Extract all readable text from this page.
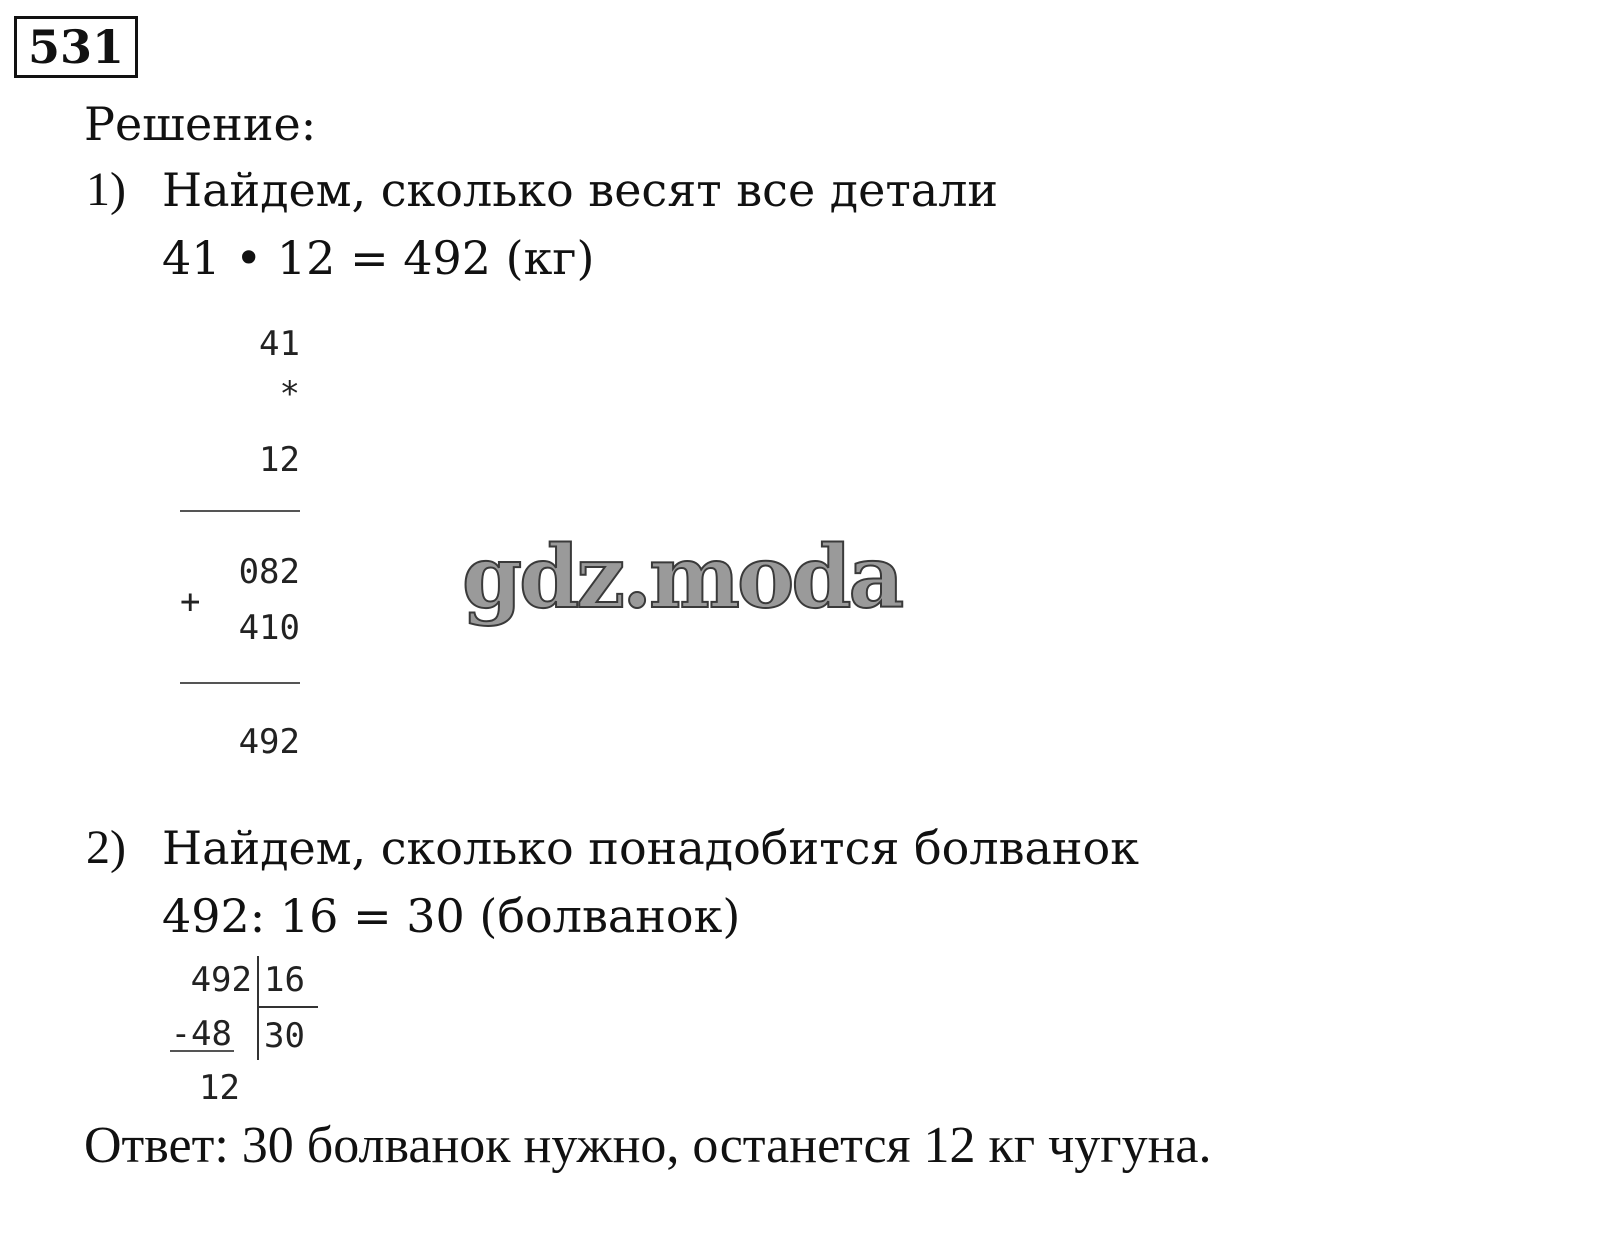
531
Решение:
1) Найдем, сколько весят все детали
41 • 12 = 492 (кг)
41
*
12
082
+
410
492
gdz.moda
2) Найдем, сколько понадобится болванок
492: 16 = 30 (болванок)
492 16
-48 30
12
Ответ: 30 болванок нужно, останется 12 кг чугуна.
